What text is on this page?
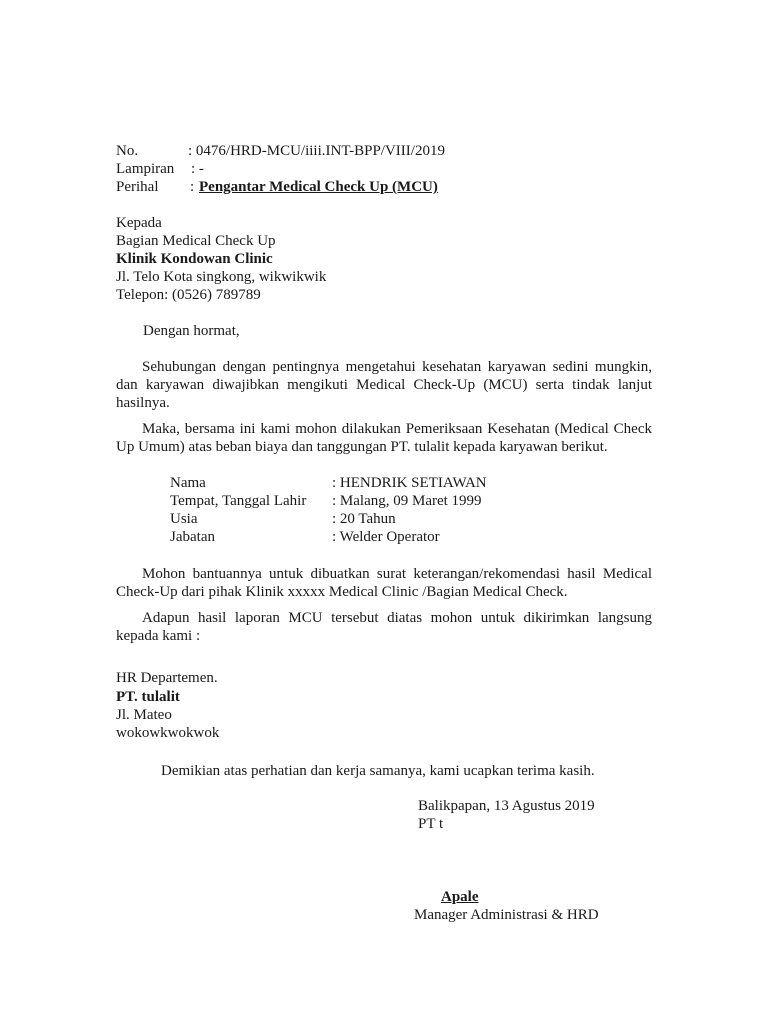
No.	: 0476/HRD-MCU/iiii.INT-BPP/VIII/2019
Lampiran : -
Perihal : Pengantar Medical Check Up (MCU)
Kepada
Bagian Medical Check Up
Klinik Kondowan Clinic
Jl. Telo Kota singkong, wikwikwik
Telepon: (0526) 789789
Dengan hormat,
Sehubungan dengan pentingnya mengetahui kesehatan karyawan sedini mungkin, dan karyawan diwajibkan mengikuti Medical Check-Up (MCU) serta tindak lanjut hasilnya.
Maka, bersama ini kami mohon dilakukan Pemeriksaan Kesehatan (Medical Check Up Umum) atas beban biaya dan tanggungan PT. tulalit kepada karyawan berikut.
Nama	: HENDRIK SETIAWAN
Tempat, Tanggal Lahir : Malang, 09 Maret 1999
Usia	: 20 Tahun
Jabatan	: Welder Operator
Mohon bantuannya untuk dibuatkan surat keterangan/rekomendasi hasil Medical Check-Up dari pihak Klinik xxxxx Medical Clinic /Bagian Medical Check.
Adapun hasil laporan MCU tersebut diatas mohon untuk dikirimkan langsung kepada kami :
HR Departemen.
PT. tulalit
Jl. Mateo
wokowkwokwok
Demikian atas perhatian dan kerja samanya, kami ucapkan terima kasih.
Balikpapan, 13 Agustus 2019
PT t
Apale
Manager Administrasi & HRD
